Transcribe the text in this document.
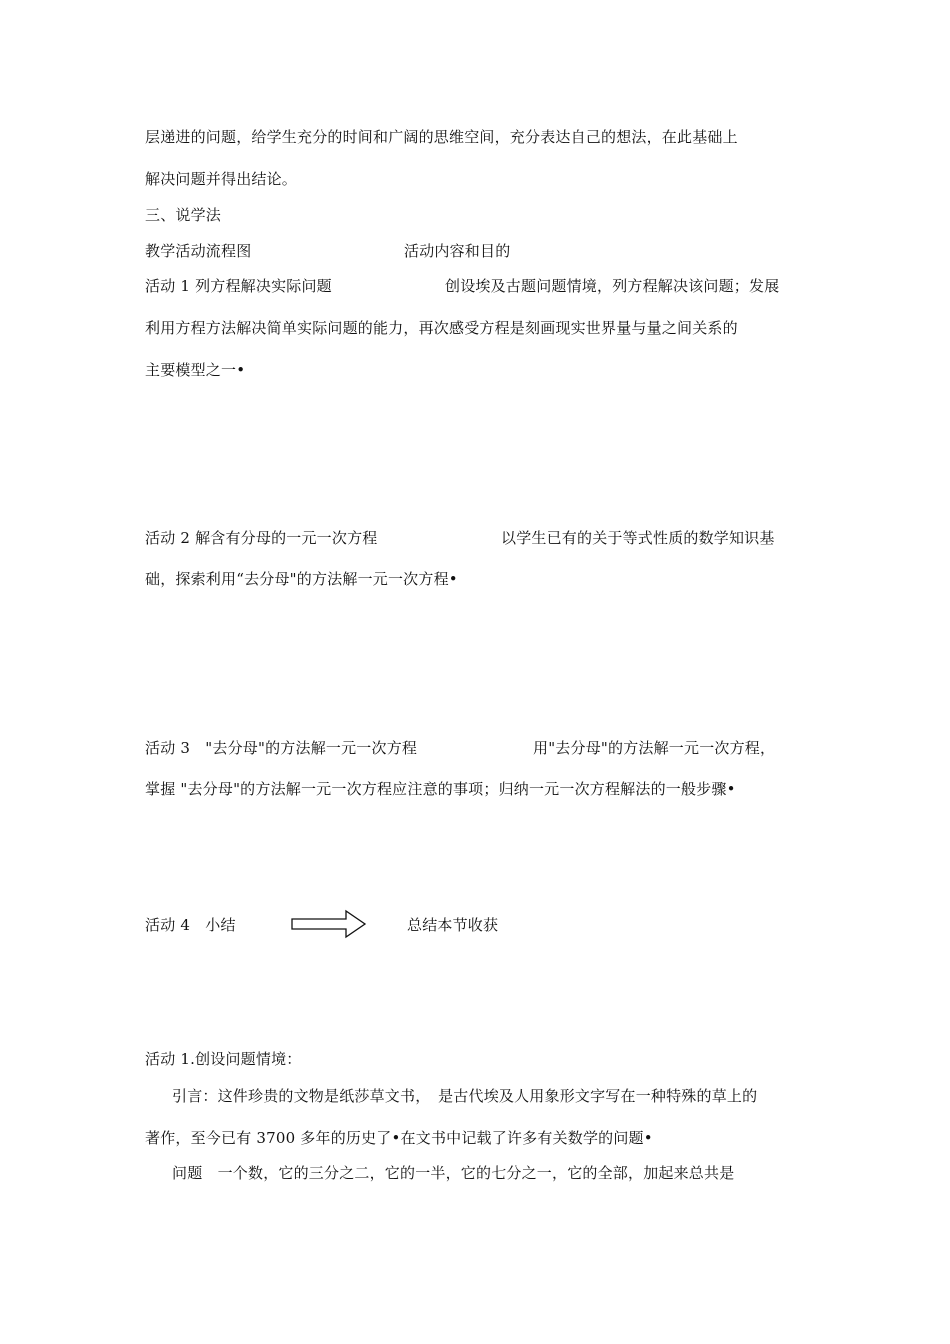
层递进的问题，给学生充分的时间和广阔的思维空间，充分表达自己的想法，在此基础上
解决问题并得出结论。
三、说学法
教学活动流程图	活动内容和目的
活动 1 列方程解决实际问题	创设埃及古题问题情境，列方程解决该问题；发展
利用方程方法解决简单实际问题的能力，再次感受方程是刻画现实世界量与量之间关系的
主要模型之一•
活动 2 解含有分母的一元一次方程	以学生已有的关于等式性质的数学知识基
础，探索利用“去分母"的方法解一元一次方程•
活动 3　"去分母"的方法解一元一次方程	用"去分母"的方法解一元一次方程，
掌握 "去分母"的方法解一元一次方程应注意的事项；归纳一元一次方程解法的一般步骤•
活动 4　小结	总结本节收获
活动 1.创设问题情境：
引言：这件珍贵的文物是纸莎草文书，　是古代埃及人用象形文字写在一种特殊的草上的
著作，至今已有 3700 多年的历史了•在文书中记载了许多有关数学的问题•
问题　一个数，它的三分之二，它的一半，它的七分之一，它的全部，加起来总共是
